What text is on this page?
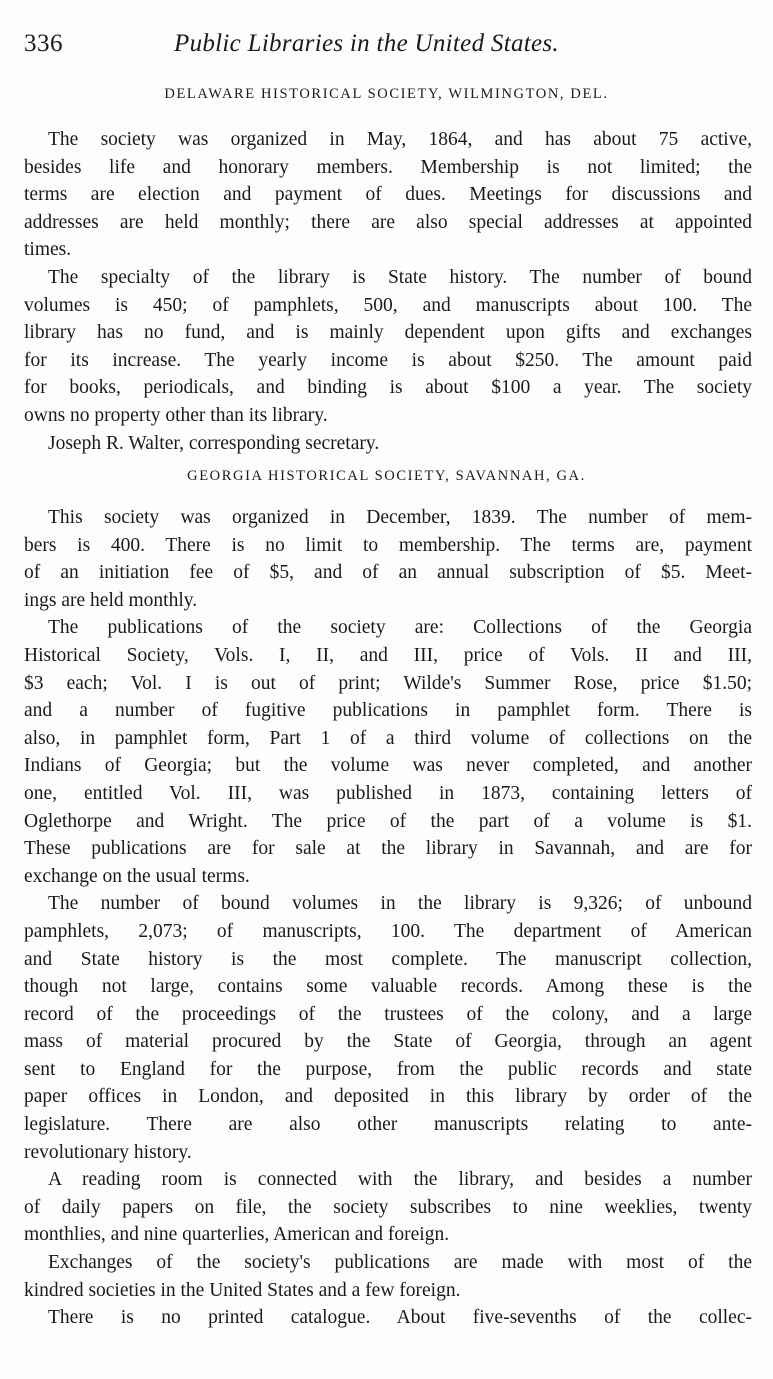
336	Public Libraries in the United States.
DELAWARE HISTORICAL SOCIETY, WILMINGTON, DEL.
The society was organized in May, 1864, and has about 75 active,
besides life and honorary members. Membership is not limited; the
terms are election and payment of dues. Meetings for discussions and
addresses are held monthly; there are also special addresses at appointed
times.
The specialty of the library is State history. The number of bound
volumes is 450; of pamphlets, 500, and manuscripts about 100. The
library has no fund, and is mainly dependent upon gifts and exchanges
for its increase. The yearly income is about $250. The amount paid
for books, periodicals, and binding is about $100 a year. The society
owns no property other than its library.
Joseph R. Walter, corresponding secretary.
GEORGIA HISTORICAL SOCIETY, SAVANNAH, GA.
This society was organized in December, 1839. The number of mem-
bers is 400. There is no limit to membership. The terms are, payment
of an initiation fee of $5, and of an annual subscription of $5. Meet-
ings are held monthly.
The publications of the society are: Collections of the Georgia
Historical Society, Vols. I, II, and III, price of Vols. II and III,
$3 each; Vol. I is out of print; Wilde's Summer Rose, price $1.50;
and a number of fugitive publications in pamphlet form. There is
also, in pamphlet form, Part 1 of a third volume of collections on the
Indians of Georgia; but the volume was never completed, and another
one, entitled Vol. III, was published in 1873, containing letters of
Oglethorpe and Wright. The price of the part of a volume is $1.
These publications are for sale at the library in Savannah, and are for
exchange on the usual terms.
The number of bound volumes in the library is 9,326; of unbound
pamphlets, 2,073; of manuscripts, 100. The department of American
and State history is the most complete. The manuscript collection,
though not large, contains some valuable records. Among these is the
record of the proceedings of the trustees of the colony, and a large
mass of material procured by the State of Georgia, through an agent
sent to England for the purpose, from the public records and state
paper offices in London, and deposited in this library by order of the
legislature. There are also other manuscripts relating to ante-
revolutionary history.
A reading room is connected with the library, and besides a number
of daily papers on file, the society subscribes to nine weeklies, twenty
monthlies, and nine quarterlies, American and foreign.
Exchanges of the society's publications are made with most of the
kindred societies in the United States and a few foreign.
There is no printed catalogue. About five-sevenths of the collec-
